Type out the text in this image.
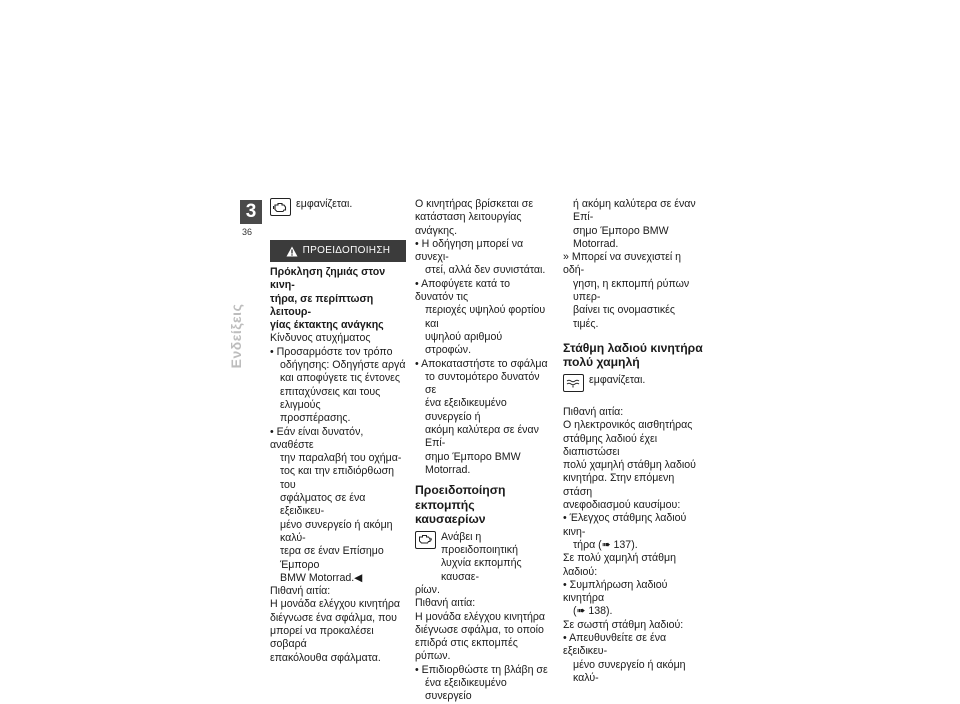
3
36
Ενδείξεις
εμφανίζεται.
ΠΡΟΕΙΔΟΠΟΙΗΣΗ

Πρόκληση ζημιάς στον κινη-

τήρα, σε περίπτωση λειτουρ-

γίας έκτακτης ανάγκης

Κίνδυνος ατυχήματος

• Προσαρμόστε τον τρόπο

οδήγησης: Οδηγήστε αργά

και αποφύγετε τις έντονες

επιταχύνσεις και τους ελιγμούς

προσπέρασης.

• Εάν είναι δυνατόν, αναθέστε

την παραλαβή του οχήμα-

τος και την επιδιόρθωση του

σφάλματος σε ένα εξειδικευ-

μένο συνεργείο ή ακόμη καλύ-

τερα σε έναν Επίσημο Έμπορο

BMW Motorrad.◀

Πιθανή αιτία:

Η μονάδα ελέγχου κινητήρα

διέγνωσε ένα σφάλμα, που

μπορεί να προκαλέσει σοβαρά

επακόλουθα σφάλματα.

Ο κινητήρας βρίσκεται σε

κατάσταση λειτουργίας ανάγκης.

• Η οδήγηση μπορεί να συνεχι-

στεί, αλλά δεν συνιστάται.

• Αποφύγετε κατά το δυνατόν τις

περιοχές υψηλού φορτίου και

υψηλού αριθμού στροφών.

• Αποκαταστήστε το σφάλμα

το συντομότερο δυνατόν σε

ένα εξειδικευμένο συνεργείο ή

ακόμη καλύτερα σε έναν Επί-

σημο Έμπορο BMW Motorrad.

Προειδοποίηση εκπομπής
καυσαερίων
Ανάβει η προειδοποιητική
λυχνία εκπομπής καυσαε-

ρίων.

Πιθανή αιτία:

Η μονάδα ελέγχου κινητήρα

διέγνωσε σφάλμα, το οποίο

επιδρά στις εκπομπές ρύπων.

• Επιδιορθώστε τη βλάβη σε

ένα εξειδικευμένο συνεργείο

ή ακόμη καλύτερα σε έναν Επί-

σημο Έμπορο BMW Motorrad.

» Μπορεί να συνεχιστεί η οδή-

γηση, η εκπομπή ρύπων υπερ-

βαίνει τις ονομαστικές τιμές.

Στάθμη λαδιού κινητήρα
πολύ χαμηλή
εμφανίζεται.

Πιθανή αιτία:

Ο ηλεκτρονικός αισθητήρας

στάθμης λαδιού έχει διαπιστώσει

πολύ χαμηλή στάθμη λαδιού

κινητήρα. Στην επόμενη στάση

ανεφοδιασμού καυσίμου:

• Έλεγχος στάθμης λαδιού κινη-

τήρα (➠ 137).

Σε πολύ χαμηλή στάθμη λαδιού:

• Συμπλήρωση λαδιού κινητήρα

(➠ 138).

Σε σωστή στάθμη λαδιού:

• Απευθυνθείτε σε ένα εξειδικευ-

μένο συνεργείο ή ακόμη καλύ-
